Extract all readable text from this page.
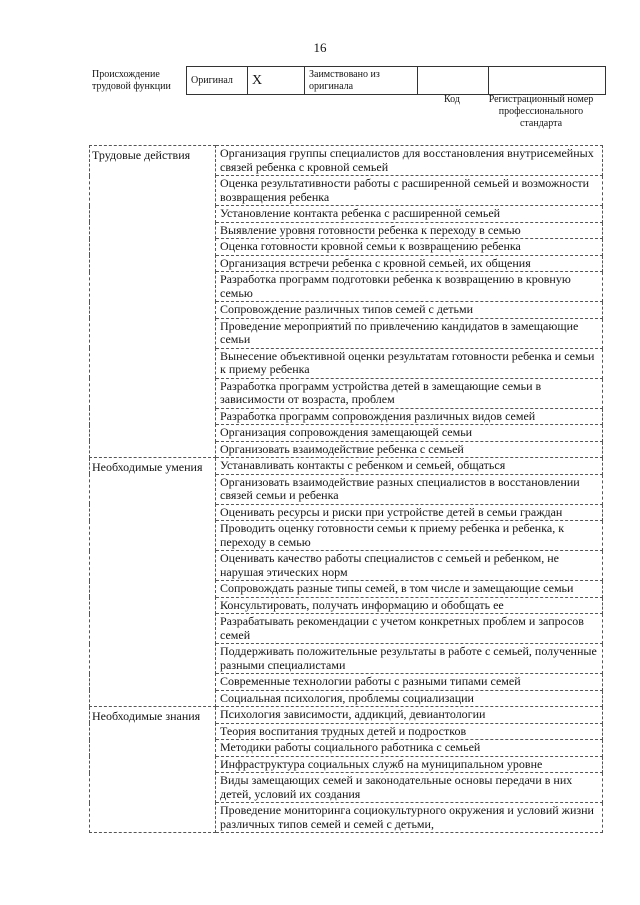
16
Происхождение трудовой функции	Оригинал	X	Заимствовано из оригинала		
Код	Регистрационный номер профессионального стандарта
Трудовые действия	Организация группы специалистов для восстановления внутрисемейных связей ребенка с кровной семьей
	Оценка результативности работы с расширенной семьей и возможности возвращения ребенка
	Установление контакта ребенка с расширенной семьей
	Выявление уровня готовности ребенка к переходу в семью
	Оценка готовности кровной семьи к возвращению ребенка
	Организация встречи ребенка с кровной семьей, их общения
	Разработка программ подготовки ребенка к возвращению в кровную семью
	Сопровождение различных типов семей с детьми
	Проведение мероприятий по привлечению кандидатов в замещающие семьи
	Вынесение объективной оценки результатам готовности ребенка и семьи к приему ребенка
	Разработка программ устройства детей в замещающие семьи в зависимости от возраста, проблем
	Разработка программ сопровождения различных видов семей
	Организация сопровождения замещающей семьи
	Организовать взаимодействие ребенка с семьей
Необходимые умения	Устанавливать контакты с ребенком и семьей, общаться
	Организовать взаимодействие разных специалистов в восстановлении связей семьи и ребенка
	Оценивать ресурсы и риски при устройстве детей в семьи граждан
	Проводить оценку готовности семьи к приему ребенка и ребенка, к переходу в семью
	Оценивать качество работы специалистов с семьей и ребенком, не нарушая этических норм
	Сопровождать разные типы семей, в том числе и замещающие семьи
	Консультировать, получать информацию и обобщать ее
	Разрабатывать рекомендации с учетом конкретных проблем и запросов семей
	Поддерживать положительные результаты в работе с семьей, полученные разными специалистами
	Современные технологии работы с разными типами семей
	Социальная психология, проблемы социализации
Необходимые знания	Психология зависимости, аддикций, девиантологии
	Теория воспитания трудных детей и подростков
	Методики работы социального работника с семьей
	Инфраструктура социальных служб на муниципальном уровне
	Виды замещающих семей и законодательные основы передачи в них детей, условий их создания
	Проведение мониторинга социокультурного окружения и условий жизни различных типов семей и семей с детьми,
